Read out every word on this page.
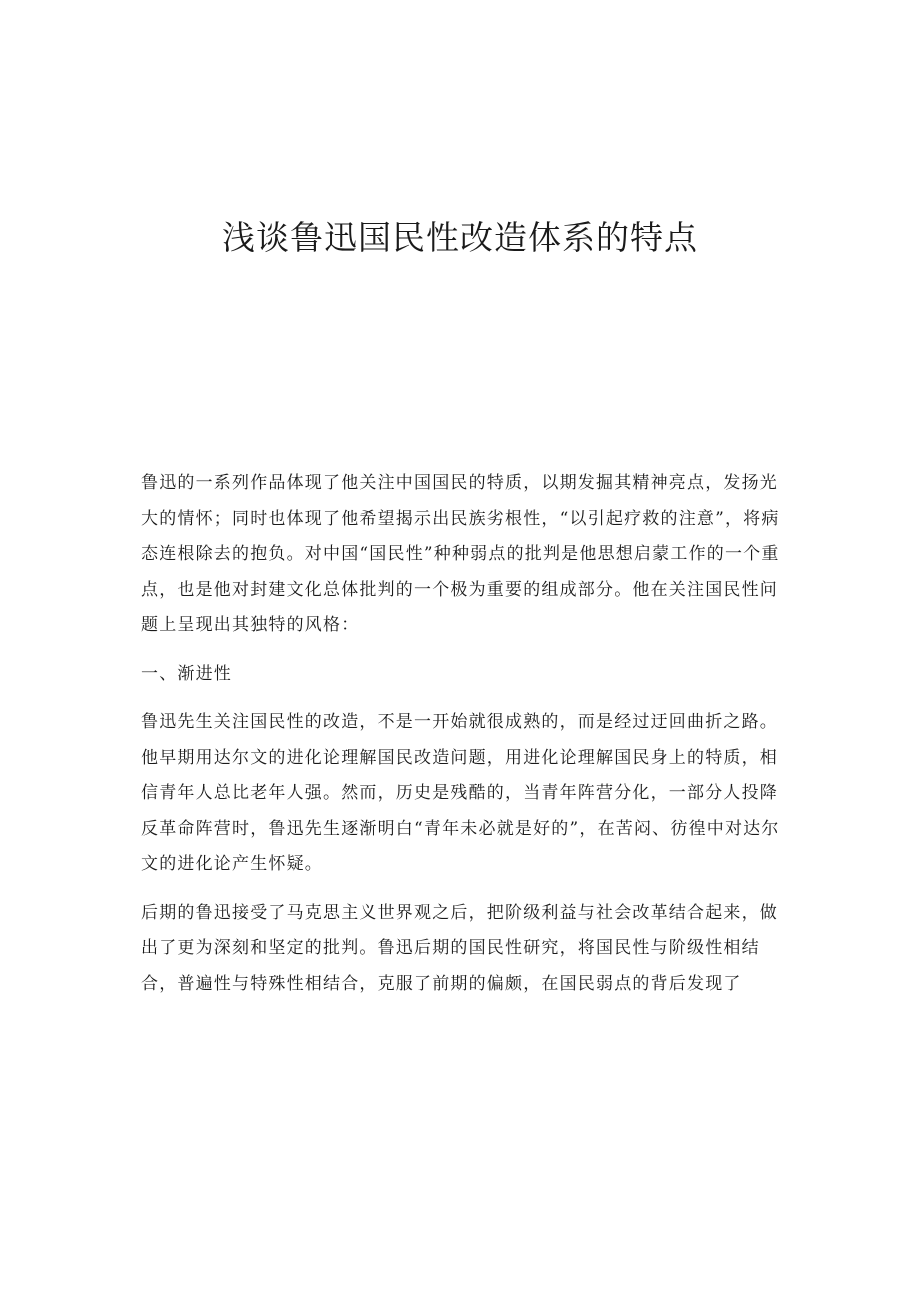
浅谈鲁迅国民性改造体系的特点

鲁迅的一系列作品体现了他关注中国国民的特质，以期发掘其精神亮点，发扬光大的情怀；同时也体现了他希望揭示出民族劣根性，“以引起疗救的注意”，将病态连根除去的抱负。对中国“国民性”种种弱点的批判是他思想启蒙工作的一个重点，也是他对封建文化总体批判的一个极为重要的组成部分。他在关注国民性问题上呈现出其独特的风格：

一、渐进性

鲁迅先生关注国民性的改造，不是一开始就很成熟的，而是经过迂回曲折之路。他早期用达尔文的进化论理解国民改造问题，用进化论理解国民身上的特质，相信青年人总比老年人强。然而，历史是残酷的，当青年阵营分化，一部分人投降反革命阵营时，鲁迅先生逐渐明白“青年未必就是好的”，在苦闷、彷徨中对达尔文的进化论产生怀疑。

后期的鲁迅接受了马克思主义世界观之后，把阶级利益与社会改革结合起来，做出了更为深刻和坚定的批判。鲁迅后期的国民性研究，将国民性与阶级性相结合，普遍性与特殊性相结合，克服了前期的偏颇，在国民弱点的背后发现了
